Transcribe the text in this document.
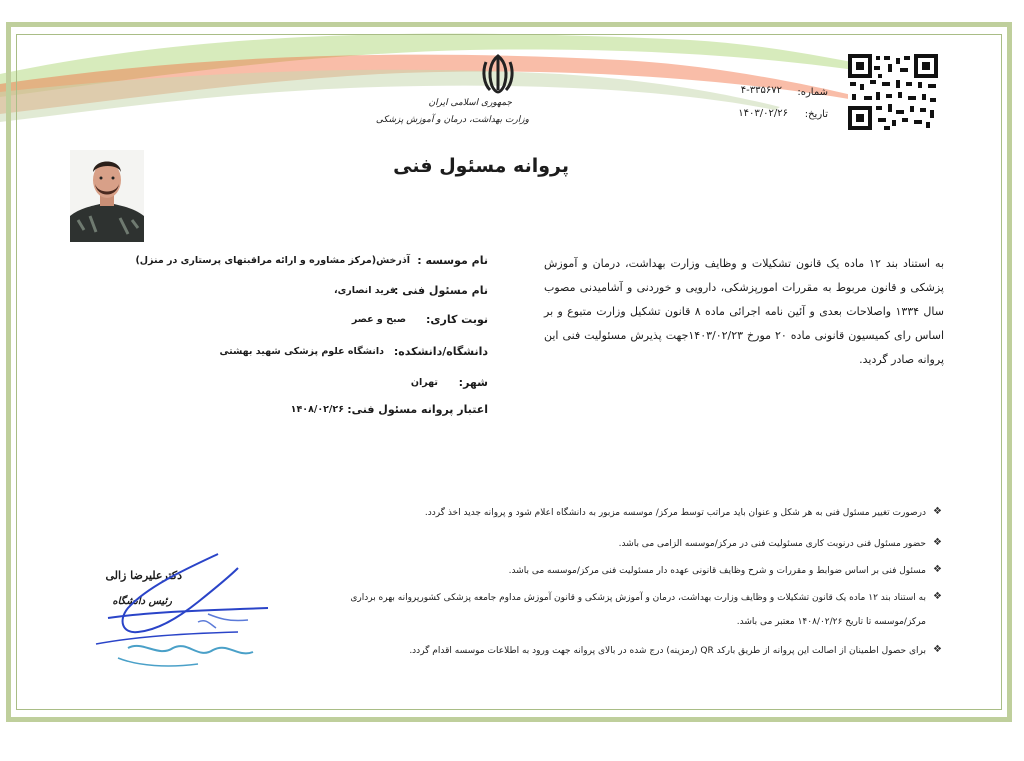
جمهوری اسلامی ایران
وزارت بهداشت، درمان و آموزش پزشکی
شماره:
۴-۳۳۵۶۷۲
تاریخ:
۱۴۰۳/۰۲/۲۶
پروانه مسئول فنی
به استناد بند ۱۲ ماده یک قانون تشکیلات و وظایف وزارت بهداشت، درمان و آموزش پزشکی و قانون مربوط به مقررات امورپزشکی، دارویی و خوردنی و آشامیدنی مصوب سال ۱۳۳۴ واصلاحات بعدی و آئین نامه اجرائی ماده ۸ قانون تشکیل وزارت متبوع و بر اساس رای کمیسیون قانونی ماده ۲۰ مورخ ۱۴۰۳/۰۲/۲۳جهت پذیرش مسئولیت فنی این پروانه صادر گردید.
نام موسسه :
آذرخش(مرکز مشاوره و ارائه مراقبتهای پرستاری در منزل)
نام مسئول فنی :
فرید انصاری،
نوبت کاری:
صبح و عصر
دانشگاه/دانشکده:
دانشگاه علوم پزشکی شهید بهشتی
شهر:
تهران
اعتبار پروانه مسئول فنی:
۱۴۰۸/۰۲/۲۶
❖
درصورت تغییر مسئول فنی به هر شکل و عنوان باید مراتب توسط مرکز/ موسسه مزبور به دانشگاه اعلام شود و پروانه جدید اخذ گردد.
❖
حضور مسئول فنی درنوبت کاری مسئولیت فنی در مرکز/موسسه الزامی می باشد.
❖
مسئول فنی بر اساس ضوابط و مقررات و شرح وظایف قانونی عهده دار مسئولیت فنی مرکز/موسسه می باشد.
❖
به استناد بند ۱۲ ماده یک قانون تشکیلات و وظایف وزارت بهداشت، درمان و آموزش پزشکی و قانون آموزش مداوم جامعه پزشکی کشورپروانه بهره برداری
مرکز/موسسه تا تاریخ ۱۴۰۸/۰۲/۲۶ معتبر می باشد.
❖
برای حصول اطمینان از اصالت این پروانه از طریق بارکد QR (رمزینه) درج شده در بالای پروانه جهت ورود به اطلاعات موسسه اقدام گردد.
دکترعلیرضا زالی
رئیس دانشگاه
